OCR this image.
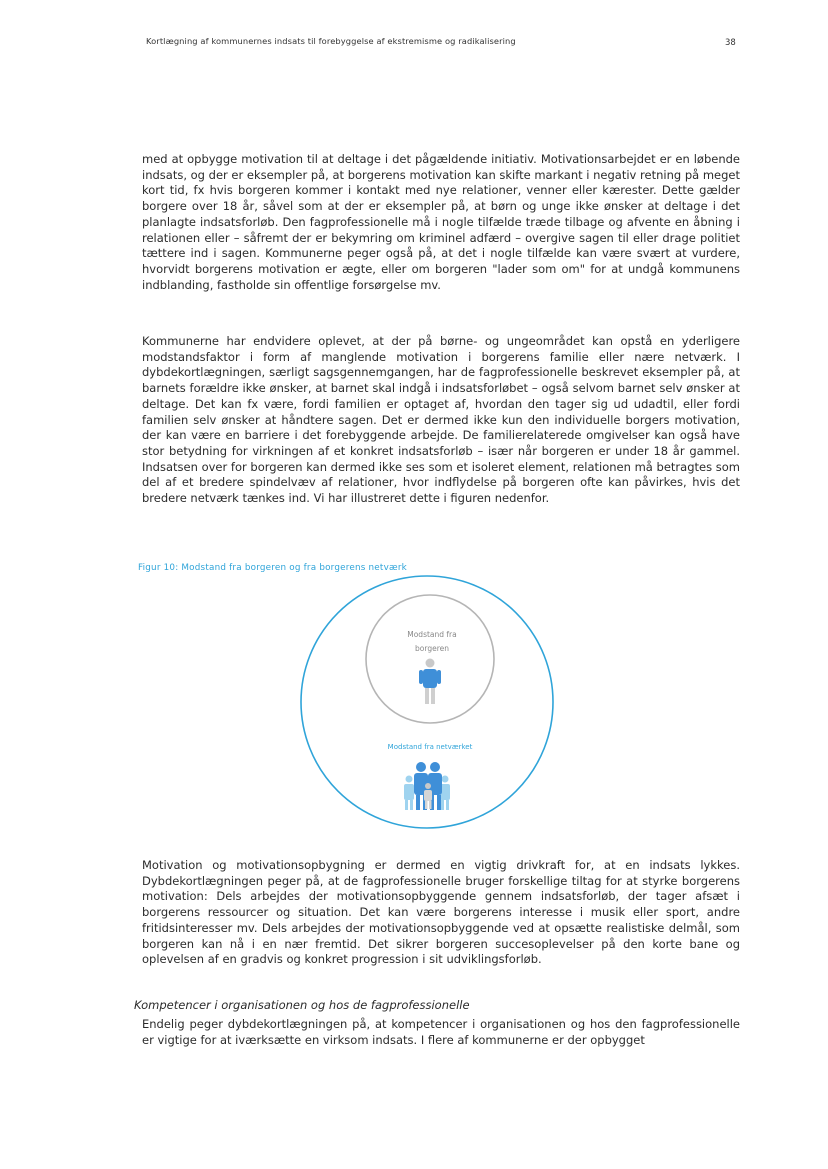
Kortlægning af kommunernes indsats til forebyggelse af ekstremisme og radikalisering	38

med at opbygge motivation til at deltage i det pågældende initiativ. Motivationsarbejdet er en løbende indsats, og der er eksempler på, at borgerens motivation kan skifte markant i negativ retning på meget kort tid, fx hvis borgeren kommer i kontakt med nye relationer, venner eller kærester. Dette gælder borgere over 18 år, såvel som at der er eksempler på, at børn og unge ikke ønsker at deltage i det planlagte indsatsforløb. Den fagprofessionelle må i nogle tilfælde træde tilbage og afvente en åbning i relationen eller – såfremt der er bekymring om kriminel adfærd – overgive sagen til eller drage politiet tættere ind i sagen. Kommunerne peger også på, at det i nogle tilfælde kan være svært at vurdere, hvorvidt borgerens motivation er ægte, eller om borgeren "lader som om" for at undgå kommunens indblanding, fastholde sin offentlige forsørgelse mv.

Kommunerne har endvidere oplevet, at der på børne- og ungeområdet kan opstå en yderligere modstandsfaktor i form af manglende motivation i borgerens familie eller nære netværk. I dybdekortlægningen, særligt sagsgennemgangen, har de fagprofessionelle beskrevet eksempler på, at barnets forældre ikke ønsker, at barnet skal indgå i indsatsforløbet – også selvom barnet selv ønsker at deltage. Det kan fx være, fordi familien er optaget af, hvordan den tager sig ud udadtil, eller fordi familien selv ønsker at håndtere sagen. Det er dermed ikke kun den individuelle borgers motivation, der kan være en barriere i det forebyggende arbejde. De familierelaterede omgivelser kan også have stor betydning for virkningen af et konkret indsatsforløb – især når borgeren er under 18 år gammel. Indsatsen over for borgeren kan dermed ikke ses som et isoleret element, relationen må betragtes som del af et bredere spindelvæv af relationer, hvor indflydelse på borgeren ofte kan påvirkes, hvis det bredere netværk tænkes ind. Vi har illustreret dette i figuren nedenfor.

Figur 10: Modstand fra borgeren og fra borgerens netværk
Modstand fra
borgeren
Modstand fra netværket

Motivation og motivationsopbygning er dermed en vigtig drivkraft for, at en indsats lykkes. Dybdekortlægningen peger på, at de fagprofessionelle bruger forskellige tiltag for at styrke borgerens motivation: Dels arbejdes der motivationsopbyggende gennem indsatsforløb, der tager afsæt i borgerens ressourcer og situation. Det kan være borgerens interesse i musik eller sport, andre fritidsinteresser mv. Dels arbejdes der motivationsopbyggende ved at opsætte realistiske delmål, som borgeren kan nå i en nær fremtid. Det sikrer borgeren succesoplevelser på den korte bane og oplevelsen af en gradvis og konkret progression i sit udviklingsforløb.

Kompetencer i organisationen og hos de fagprofessionelle

Endelig peger dybdekortlægningen på, at kompetencer i organisationen og hos den fagprofessionelle er vigtige for at iværksætte en virksom indsats. I flere af kommunerne er der opbygget
